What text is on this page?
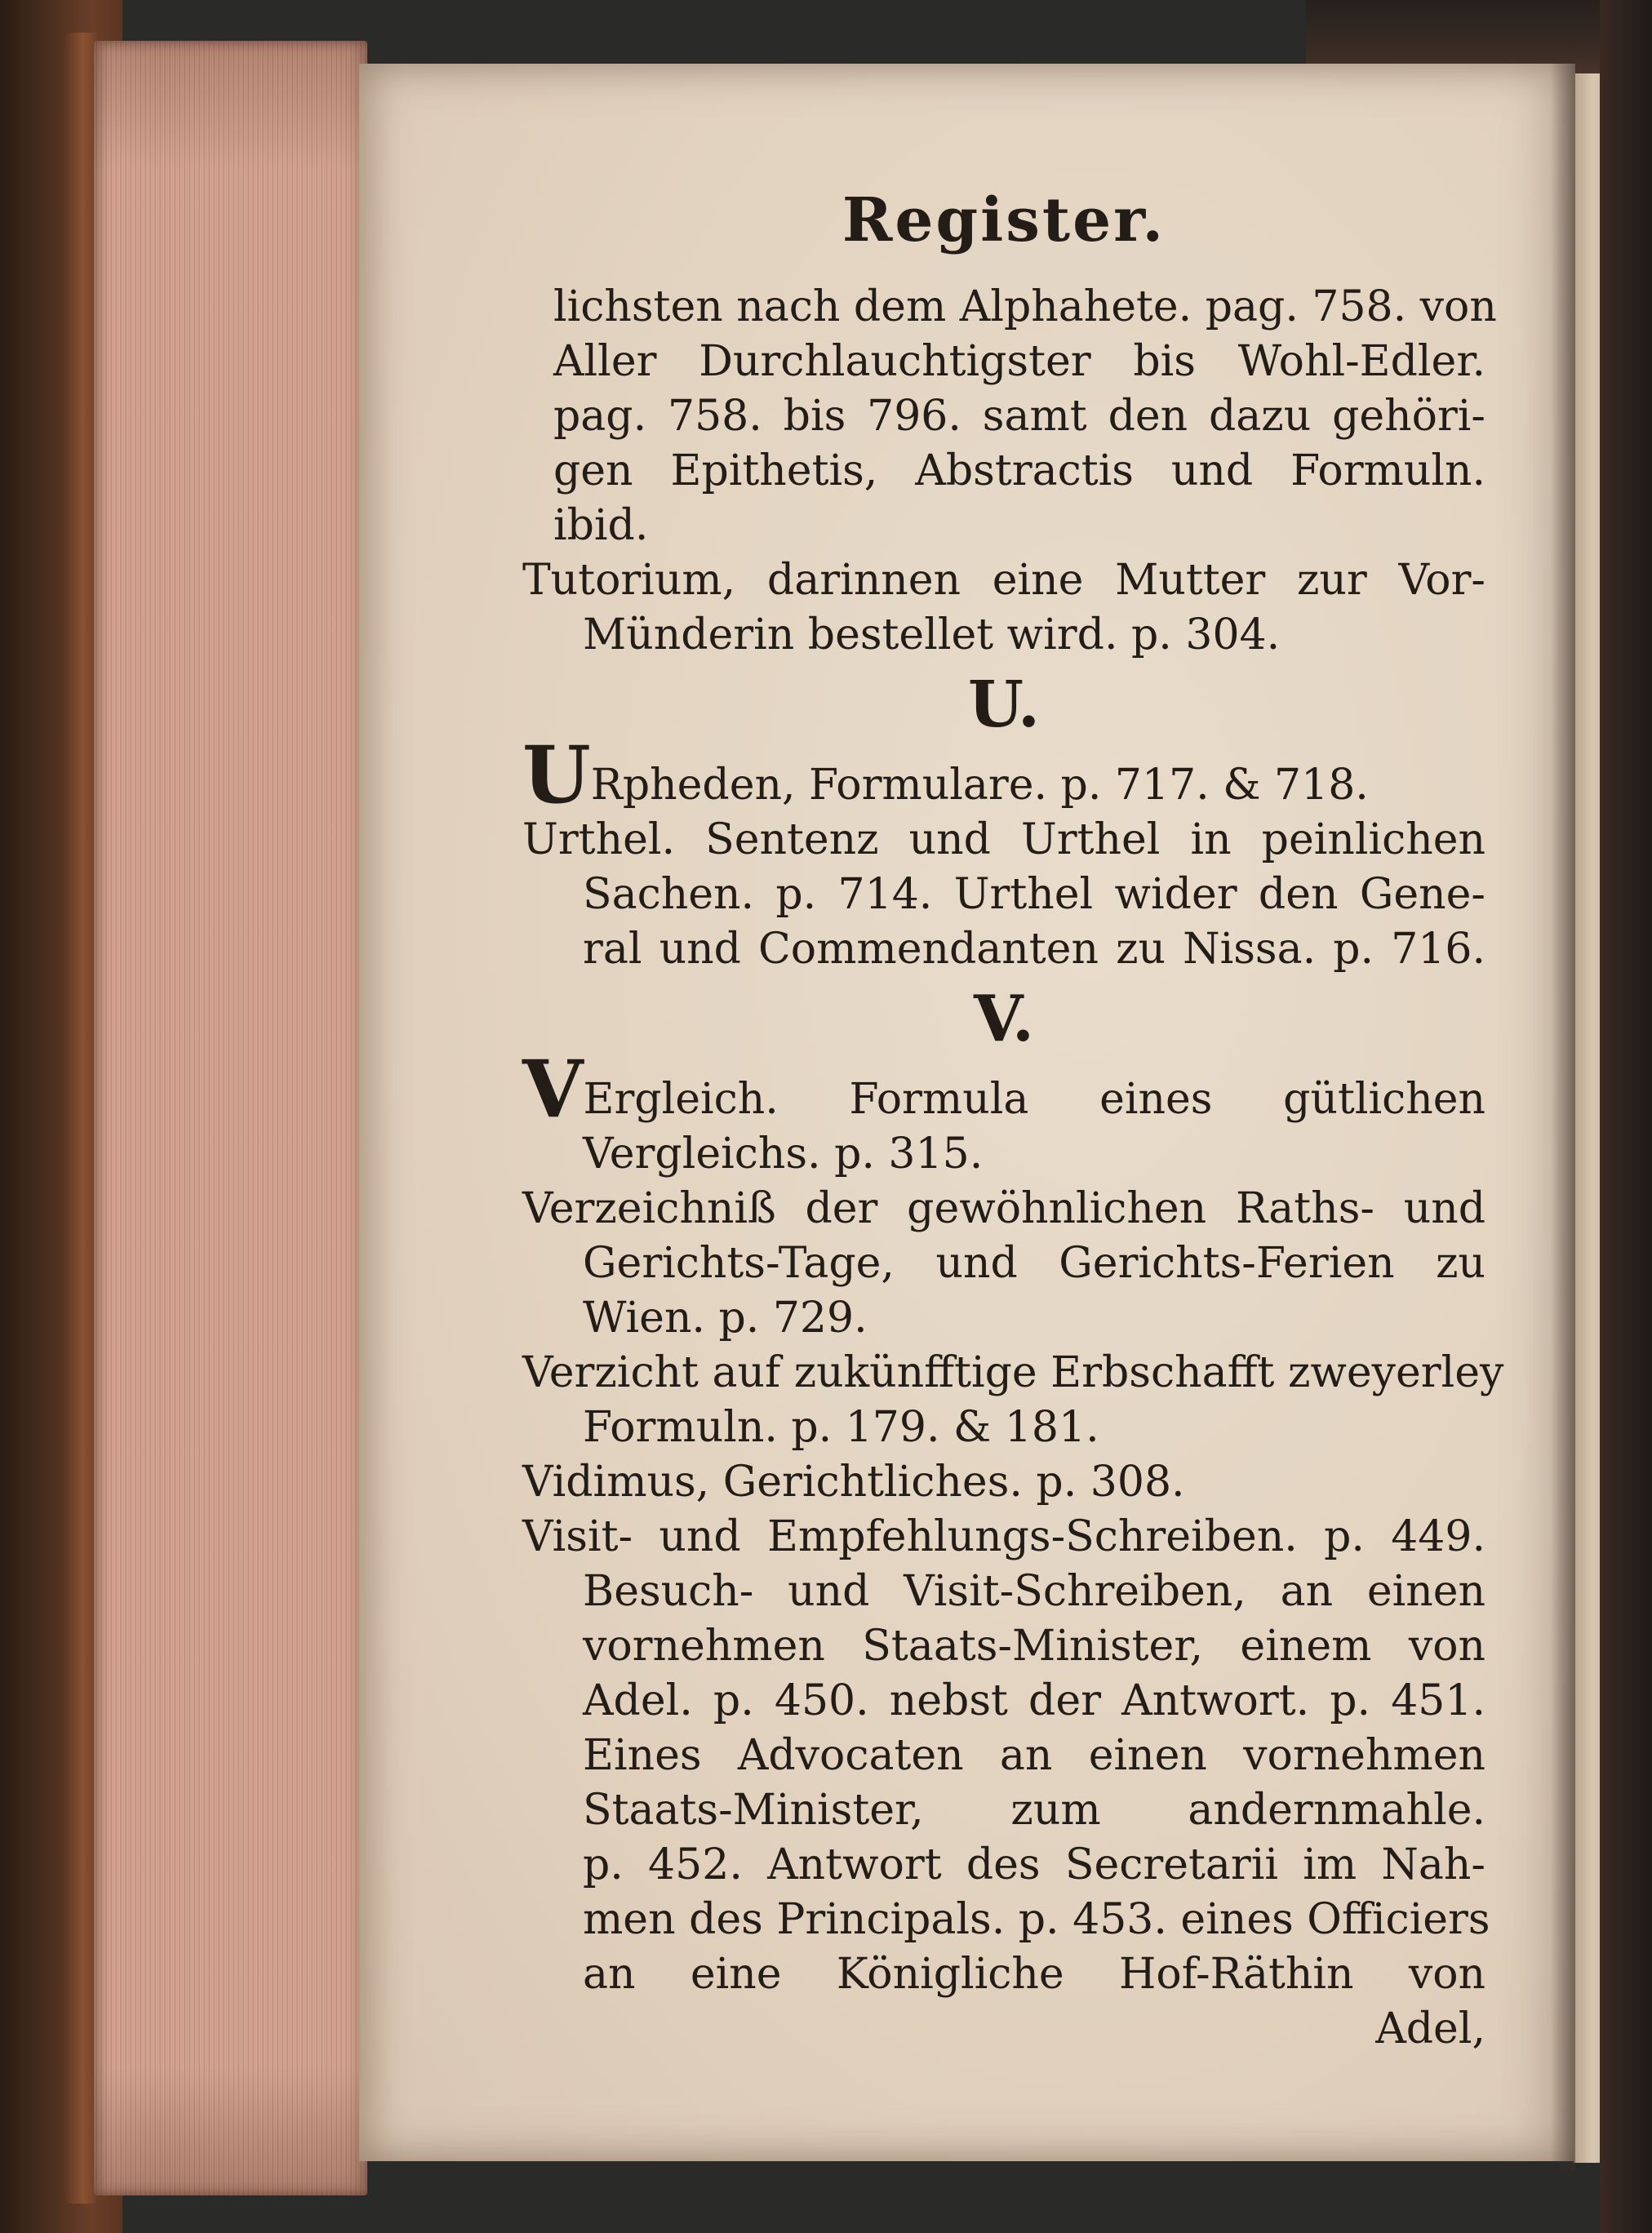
Register.
lichsten nach dem Alphahete. pag. 758. von
Aller Durchlauchtigster bis Wohl-Edler.
pag. 758. bis 796. samt den dazu gehöri-
gen Epithetis, Abstractis und Formuln.
ibid.
Tutorium, darinnen eine Mutter zur Vor-
Münderin bestellet wird. p. 304.
U.
URpheden, Formulare. p. 717. & 718.
Urthel. Sentenz und Urthel in peinlichen
Sachen. p. 714. Urthel wider den Gene-
ral und Commendanten zu Nissa. p. 716.
V.
VErgleich. Formula eines gütlichen
Vergleichs. p. 315.
Verzeichniß der gewöhnlichen Raths- und
Gerichts-Tage, und Gerichts-Ferien zu
Wien. p. 729.
Verzicht auf zukünfftige Erbschafft zweyerley
Formuln. p. 179. & 181.
Vidimus, Gerichtliches. p. 308.
Visit- und Empfehlungs-Schreiben. p. 449.
Besuch- und Visit-Schreiben, an einen
vornehmen Staats-Minister, einem von
Adel. p. 450. nebst der Antwort. p. 451.
Eines Advocaten an einen vornehmen
Staats-Minister, zum andernmahle.
p. 452. Antwort des Secretarii im Nah-
men des Principals. p. 453. eines Officiers
an eine Königliche Hof-Räthin von
Adel,
